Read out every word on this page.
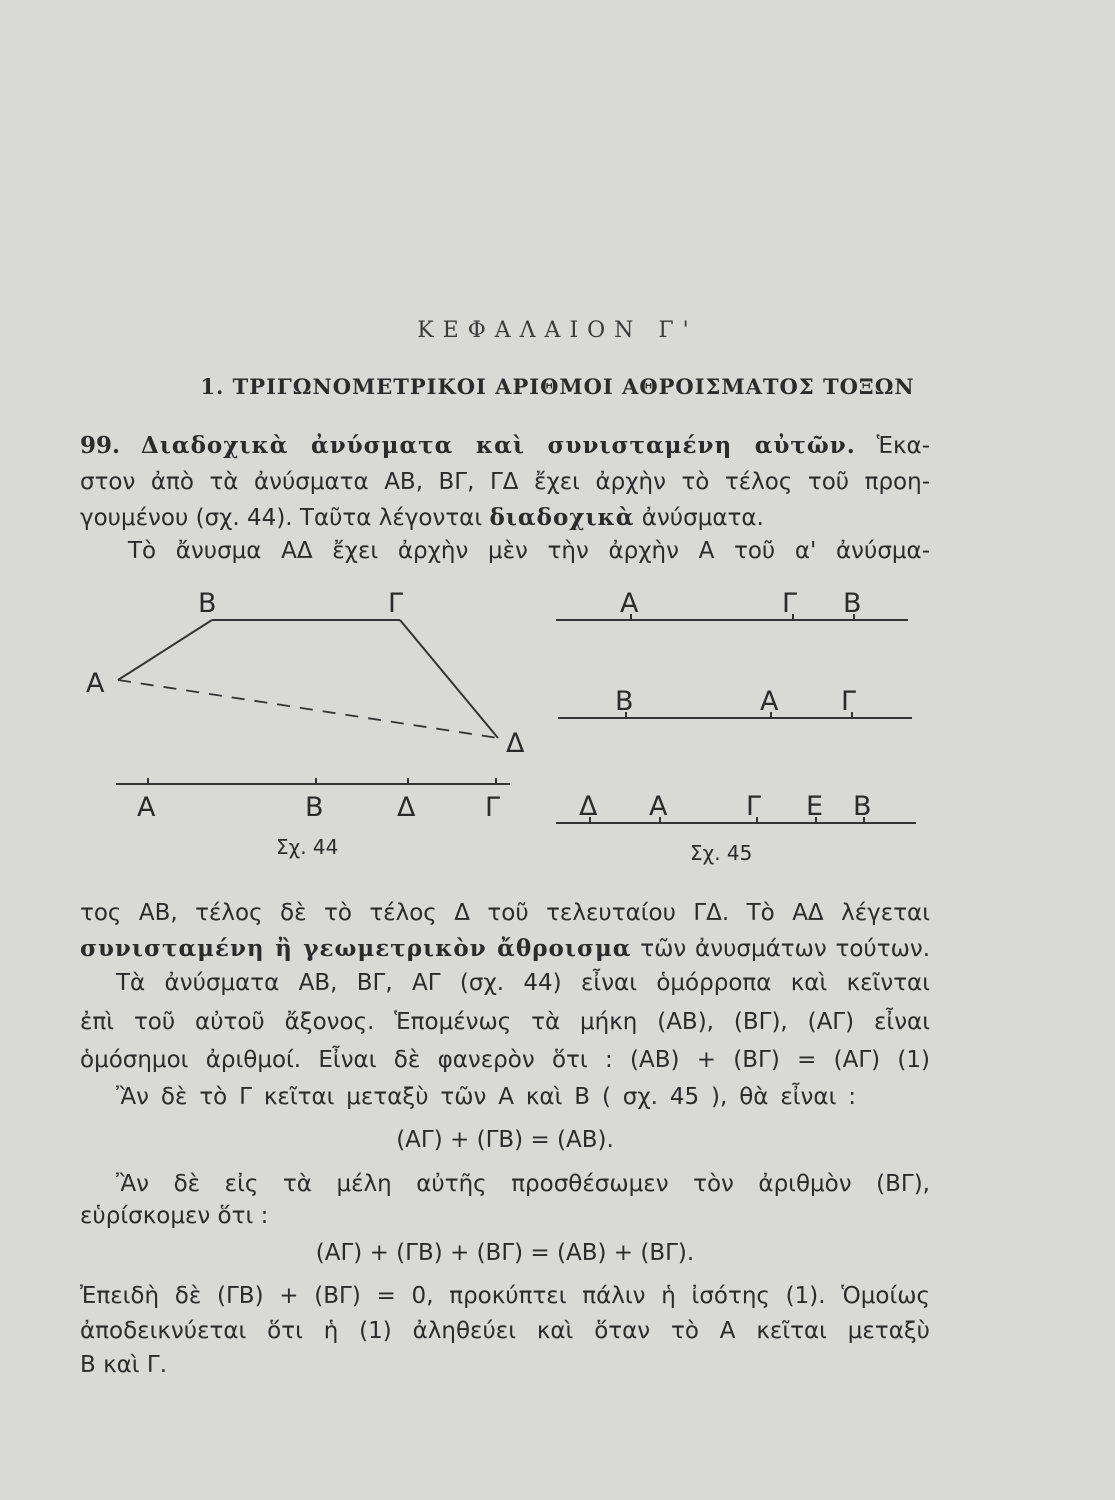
ΚΕΦΑΛΑΙΟΝ Γ'
1. ΤΡΙΓΩΝΟΜΕΤΡΙΚΟΙ ΑΡΙΘΜΟΙ ΑΘΡΟΙΣΜΑΤΟΣ ΤΟΞΩΝ
99. Διαδοχικὰ ἀνύσματα καὶ συνισταμένη αὐτῶν. Ἑκα-
στον ἀπὸ τὰ ἀνύσματα ΑΒ, ΒΓ, ΓΔ ἔχει ἀρχὴν τὸ τέλος τοῦ προη-
γουμένου (σχ. 44). Ταῦτα λέγονται διαδοχικὰ ἀνύσματα.
Τὸ ἄνυσμα ΑΔ ἔχει ἀρχὴν μὲν τὴν ἀρχὴν Α τοῦ α' ἀνύσμα-
Β	Γ
Α
Δ
Α	Β	Δ	Γ
Σχ. 44
Α	Γ Β
Β	Α Γ
Δ Α	Γ Ε Β
Σχ. 45
τος ΑΒ, τέλος δὲ τὸ τέλος Δ τοῦ τελευταίου ΓΔ. Τὸ ΑΔ λέγεται
συνισταμένη ἢ γεωμετρικὸν ἄθροισμα τῶν ἀνυσμάτων τούτων.
Τὰ ἀνύσματα ΑΒ, ΒΓ, ΑΓ (σχ. 44) εἶναι ὁμόρροπα καὶ κεῖνται
ἐπὶ τοῦ αὐτοῦ ἄξονος. Ἑπομένως τὰ μήκη (ΑΒ), (ΒΓ), (ΑΓ) εἶναι
ὁμόσημοι ἀριθμοί. Εἶναι δὲ φανερὸν ὅτι : (ΑΒ) + (ΒΓ) = (ΑΓ) (1)
Ἂν δὲ τὸ Γ κεῖται μεταξὺ τῶν Α καὶ Β ( σχ. 45 ), θὰ εἶναι :
(ΑΓ) + (ΓΒ) = (ΑΒ).
Ἂν δὲ εἰς τὰ μέλη αὐτῆς προσθέσωμεν τὸν ἀριθμὸν (ΒΓ),
εὑρίσκομεν ὅτι :
(ΑΓ) + (ΓΒ) + (ΒΓ) = (ΑΒ) + (ΒΓ).
Ἐπειδὴ δὲ (ΓΒ) + (ΒΓ) = 0, προκύπτει πάλιν ἡ ἰσότης (1). Ὁμοίως
ἀποδεικνύεται ὅτι ἡ (1) ἀληθεύει καὶ ὅταν τὸ Α κεῖται μεταξὺ
Β καὶ Γ.
